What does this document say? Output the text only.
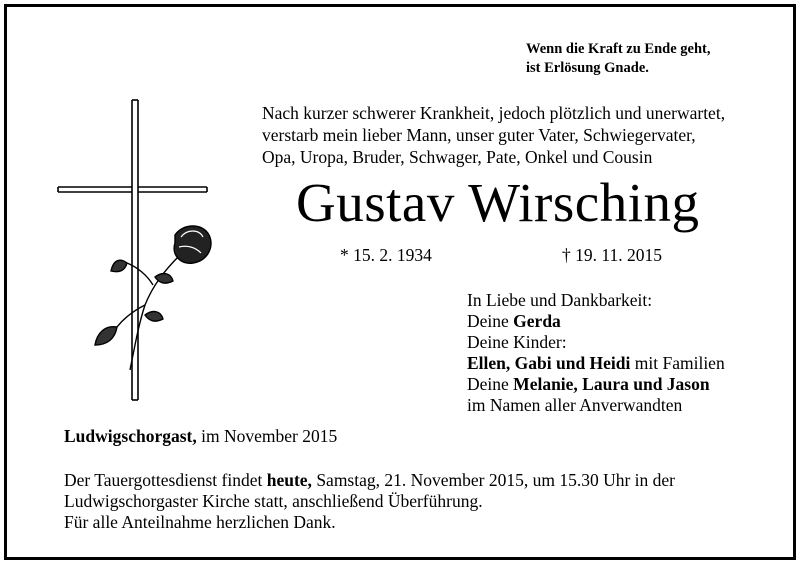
Wenn die Kraft zu Ende geht,
ist Erlösung Gnade.
Nach kurzer schwerer Krankheit, jedoch plötzlich und unerwartet,
verstarb mein lieber Mann, unser guter Vater, Schwiegervater,
Opa, Uropa, Bruder, Schwager, Pate, Onkel und Cousin
Gustav Wirsching
* 15. 2. 1934	† 19. 11. 2015
In Liebe und Dankbarkeit:
Deine Gerda
Deine Kinder:
Ellen, Gabi und Heidi mit Familien
Deine Melanie, Laura und Jason
im Namen aller Anverwandten
Ludwigschorgast, im November 2015
Der Tauergottesdienst findet heute, Samstag, 21. November 2015, um 15.30 Uhr in der
Ludwigschorgaster Kirche statt, anschließend Überführung.
Für alle Anteilnahme herzlichen Dank.
